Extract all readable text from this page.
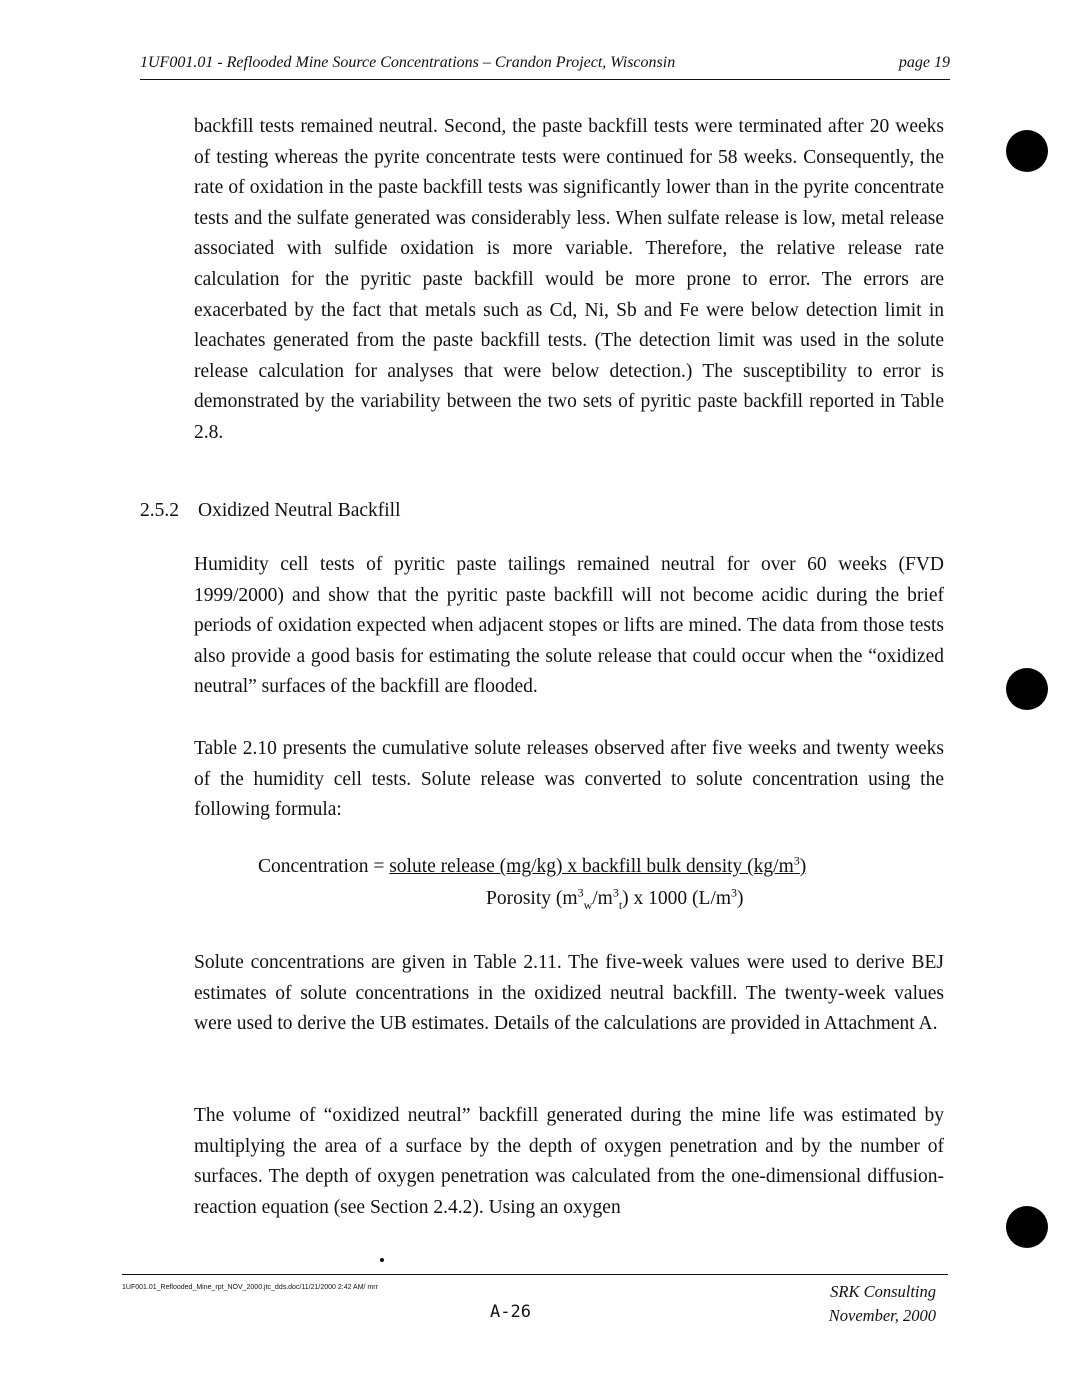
1UF001.01 - Reflooded Mine Source Concentrations – Crandon Project, Wisconsin	page 19

backfill tests remained neutral. Second, the paste backfill tests were terminated after 20 weeks of testing whereas the pyrite concentrate tests were continued for 58 weeks. Consequently, the rate of oxidation in the paste backfill tests was significantly lower than in the pyrite concentrate tests and the sulfate generated was considerably less. When sulfate release is low, metal release associated with sulfide oxidation is more variable. Therefore, the relative release rate calculation for the pyritic paste backfill would be more prone to error. The errors are exacerbated by the fact that metals such as Cd, Ni, Sb and Fe were below detection limit in leachates generated from the paste backfill tests. (The detection limit was used in the solute release calculation for analyses that were below detection.) The susceptibility to error is demonstrated by the variability between the two sets of pyritic paste backfill reported in Table 2.8.

2.5.2 Oxidized Neutral Backfill

Humidity cell tests of pyritic paste tailings remained neutral for over 60 weeks (FVD 1999/2000) and show that the pyritic paste backfill will not become acidic during the brief periods of oxidation expected when adjacent stopes or lifts are mined. The data from those tests also provide a good basis for estimating the solute release that could occur when the “oxidized neutral” surfaces of the backfill are flooded.

Table 2.10 presents the cumulative solute releases observed after five weeks and twenty weeks of the humidity cell tests. Solute release was converted to solute concentration using the following formula:

Concentration = solute release (mg/kg) x backfill bulk density $(kg/m^3)$
Porosity $(m^3_w/m^3_t)$ x 1000 $(L/m^3)$

Solute concentrations are given in Table 2.11. The five-week values were used to derive BEJ estimates of solute concentrations in the oxidized neutral backfill. The twenty-week values were used to derive the UB estimates. Details of the calculations are provided in Attachment A.

The volume of “oxidized neutral” backfill generated during the mine life was estimated by multiplying the area of a surface by the depth of oxygen penetration and by the number of surfaces. The depth of oxygen penetration was calculated from the one-dimensional diffusion-reaction equation (see Section 2.4.2). Using an oxygen

1UF001.01_Reflooded_Mine_rpt_NOV_2000.jtc_dds.doc/11/21/2000 2:42 AM/ mrr
A-26
SRK Consulting
November, 2000
